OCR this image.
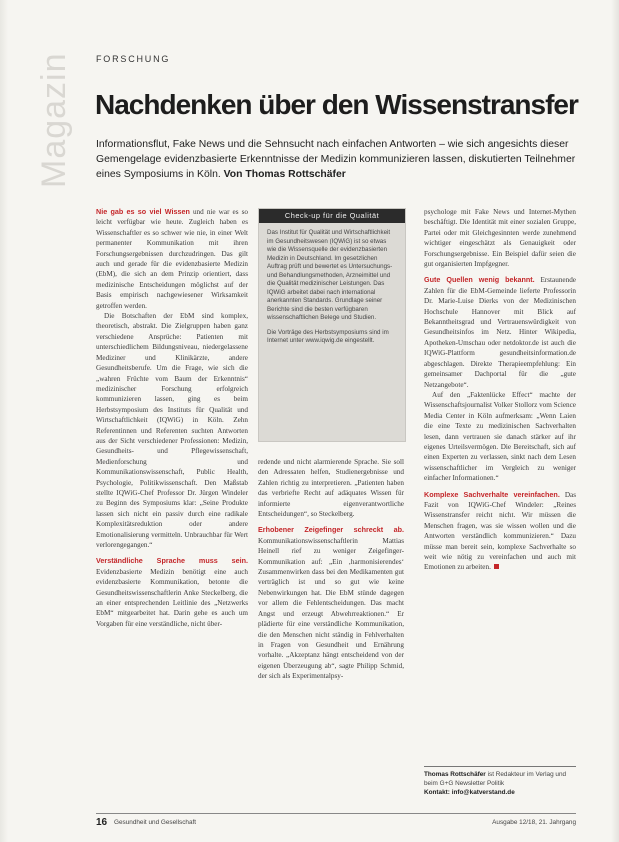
Magazin	FORSCHUNG
Nachdenken über den Wissenstransfer
Informationsflut, Fake News und die Sehnsucht nach einfachen Antworten – wie sich angesichts dieser Gemengelage evidenzbasierte Erkenntnisse der Medizin kommunizieren lassen, diskutierten Teilnehmer eines Symposiums in Köln. Von Thomas Rottschäfer

Nie gab es so viel Wissen und nie war es so leicht verfügbar wie heute. Zugleich haben es Wissenschaftler es so schwer wie nie, in einer Welt permanenter Kommunikation mit ihren Forschungsergebnissen durchzudringen. Das gilt auch und gerade für die evidenzbasierte Medizin (EbM), die sich an dem Prinzip orientiert, dass medizinische Entscheidungen möglichst auf der Basis empirisch nachgewiesener Wirksamkeit getroffen werden.

Die Botschaften der EbM sind komplex, theoretisch, abstrakt. Die Zielgruppen haben ganz verschiedene Ansprüche: Patienten mit unterschiedlichem Bildungsniveau, niedergelassene Mediziner und Klinikärzte, andere Gesundheitsberufe. Um die Frage, wie sich die „wahren Früchte vom Baum der Erkenntnis“ medizinischer Forschung erfolgreich kommunizieren lassen, ging es beim Herbstsymposium des Instituts für Qualität und Wirtschaftlichkeit (IQWiG) in Köln. Zehn Referentinnen und Referenten suchten Antworten aus der Sicht verschiedener Professionen: Medizin, Gesundheits- und Pflegewissenschaft, Medienforschung und Kommunikationswissenschaft, Public Health, Psychologie, Politikwissenschaft. Den Maßstab stellte IQWiG-Chef Professor Dr. Jürgen Windeler zu Beginn des Symposiums klar: „Seine Produkte lassen sich nicht ein passiv durch eine radikale Komplexitätsreduktion oder andere Emotionalisierung vermitteln. Unbrauchbar für Wert verlorengegangen.“

Verständliche Sprache muss sein. Evidenzbasierte Medizin benötigt eine auch evidenzbasierte Kommunikation, betonte die Gesundheitswissenschaftlerin Anke Steckelberg, die an einer entsprechenden Leitlinie des „Netzwerks EbM“ mitgearbeitet hat. Darin gehe es auch um Vorgaben für eine verständliche, nicht über-

Check-up für die Qualität

Das Institut für Qualität und Wirtschaftlichkeit im Gesundheitswesen (IQWiG) ist so etwas wie die Wissensquelle der evidenzbasierten Medizin in Deutschland. Im gesetzlichen Auftrag prüft und bewertet es Untersuchungs- und Behandlungsmethoden, Arzneimittel und die Qualität medizinischer Leistungen. Das IQWiG arbeitet dabei nach international anerkannten Standards. Grundlage seiner Berichte sind die besten verfügbaren wissenschaftlichen Belege und Studien.

Die Vorträge des Herbstsymposiums sind im Internet unter www.iqwig.de eingestellt.

redende und nicht alarmierende Sprache. Sie soll den Adressaten helfen, Studienergebnisse und Zahlen richtig zu interpretieren. „Patienten haben das verbriefte Recht auf adäquates Wissen für informierte eigenverantwortliche Entscheidungen“, so Steckelberg.

Erhobener Zeigefinger schreckt ab. Kommunikationswissenschaftlerin Mattias Heinell rief zu weniger Zeigefinger-Kommunikation auf: „Ein ‚harmonisierendes‘ Zusammenwirken dass bei den Medikamenten gut verträglich ist und so gut wie keine Nebenwirkungen hat. Die EbM stünde dagegen vor allem die Fehlentscheidungen. Das macht Angst und erzeugt Abwehrreaktionen.“ Er plädierte für eine verständliche Kommunikation, die den Menschen nicht ständig in Fehlverhalten in Fragen von Gesundheit und Ernährung vorhalte. „Akzeptanz hängt entscheidend von der eigenen Überzeugung ab“, sagte Philipp Schmid, der sich als Experimentalpsy-

psychologe mit Fake News und Internet-Mythen beschäftigt. Die Identität mit einer sozialen Gruppe, Partei oder mit Gleichgesinnten werde zunehmend wichtiger eingeschätzt als Genauigkeit oder Forschungsergebnisse. Ein Beispiel dafür seien die gut organisierten Impfgegner.

Gute Quellen wenig bekannt. Erstaunende Zahlen für die EbM-Gemeinde lieferte Professorin Dr. Marie-Luise Dierks von der Medizinischen Hochschule Hannover mit Blick auf Bekanntheitsgrad und Vertrauenswürdigkeit von Gesundheitsinfos im Netz. Hinter Wikipedia, Apotheken-Umschau oder netdoktor.de ist auch die IQWiG-Plattform gesundheitsinformation.de abgeschlagen. Direkte Therapieempfehlung: Ein gemeinsamer Dachportal für die „gute Netzangebote“.

Auf den „Faktenlücke Effect“ machte der Wissenschaftsjournalist Volker Stollorz vom Science Media Center in Köln aufmerksam: „Wenn Laien die eine Texte zu medizinischen Sachverhalten lesen, dann vertrauen sie danach stärker auf ihr eigenes Urteilsvermögen. Die Bereitschaft, sich auf einen Experten zu verlassen, sinkt nach dem Lesen wissenschaftlicher im Vergleich zu weniger einfacher Informationen.“

Komplexe Sachverhalte vereinfachen. Das Fazit von IQWiG-Chef Windeler: „Reines Wissenstransfer reicht nicht. Wir müssen die Menschen fragen, was sie wissen wollen und die Antworten verständlich kommunizieren.“ Dazu müsse man bereit sein, komplexe Sachverhalte so weit wie nötig zu vereinfachen und auch mit Emotionen zu arbeiten.

Thomas Rottschäfer ist Redakteur im Verlag und beim G+G Newsletter Politik
Kontakt: info@katverstand.de
16 Gesundheit und Gesellschaft	Ausgabe 12/18, 21. Jahrgang
